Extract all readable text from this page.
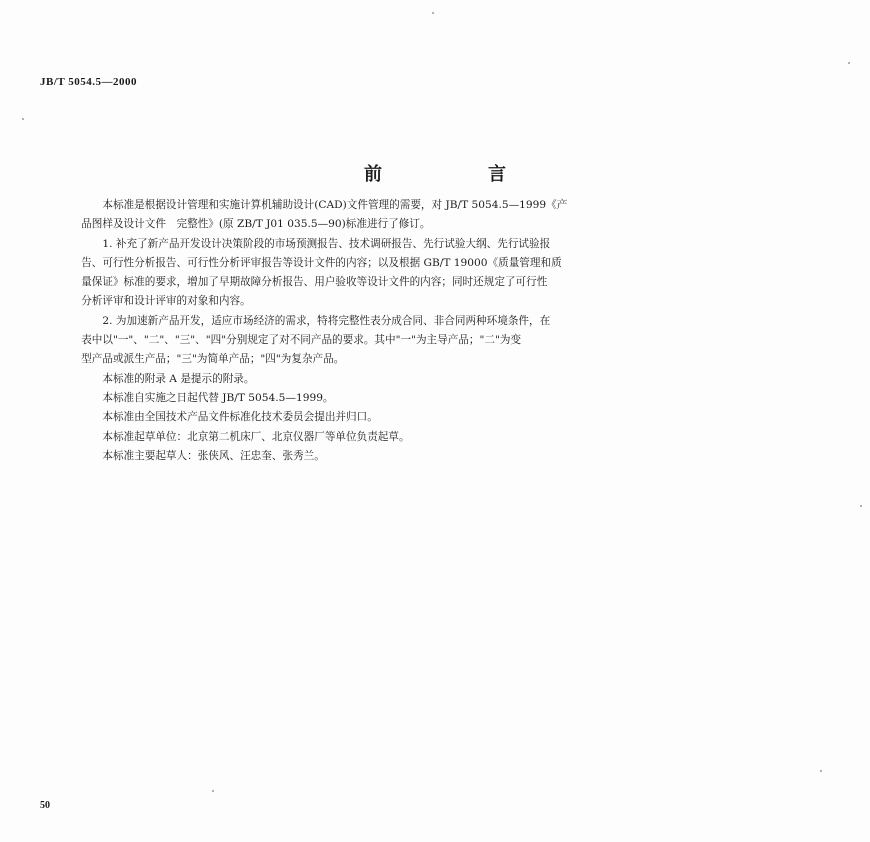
JB/T 5054.5—2000
前　言
本标准是根据设计管理和实施计算机辅助设计(CAD)文件管理的需要，对 JB/T 5054.5—1999《产
品图样及设计文件　完整性》(原 ZB/T J01 035.5—90)标准进行了修订。
1. 补充了新产品开发设计决策阶段的市场预测报告、技术调研报告、先行试验大纲、先行试验报
告、可行性分析报告、可行性分析评审报告等设计文件的内容；以及根据 GB/T 19000《质量管理和质
量保证》标准的要求，增加了早期故障分析报告、用户验收等设计文件的内容；同时还规定了可行性
分析评审和设计评审的对象和内容。
2. 为加速新产品开发，适应市场经济的需求，特将完整性表分成合同、非合同两种环境条件，在
表中以"一"、"二"、"三"、"四"分别规定了对不同产品的要求。其中"一"为主导产品；"二"为变
型产品或派生产品；"三"为简单产品；"四"为复杂产品。
本标准的附录 A 是提示的附录。
本标准自实施之日起代替 JB/T 5054.5—1999。
本标准由全国技术产品文件标准化技术委员会提出并归口。
本标准起草单位：北京第二机床厂、北京仪器厂等单位负责起草。
本标准主要起草人：张侠风、汪忠奎、张秀兰。
50
